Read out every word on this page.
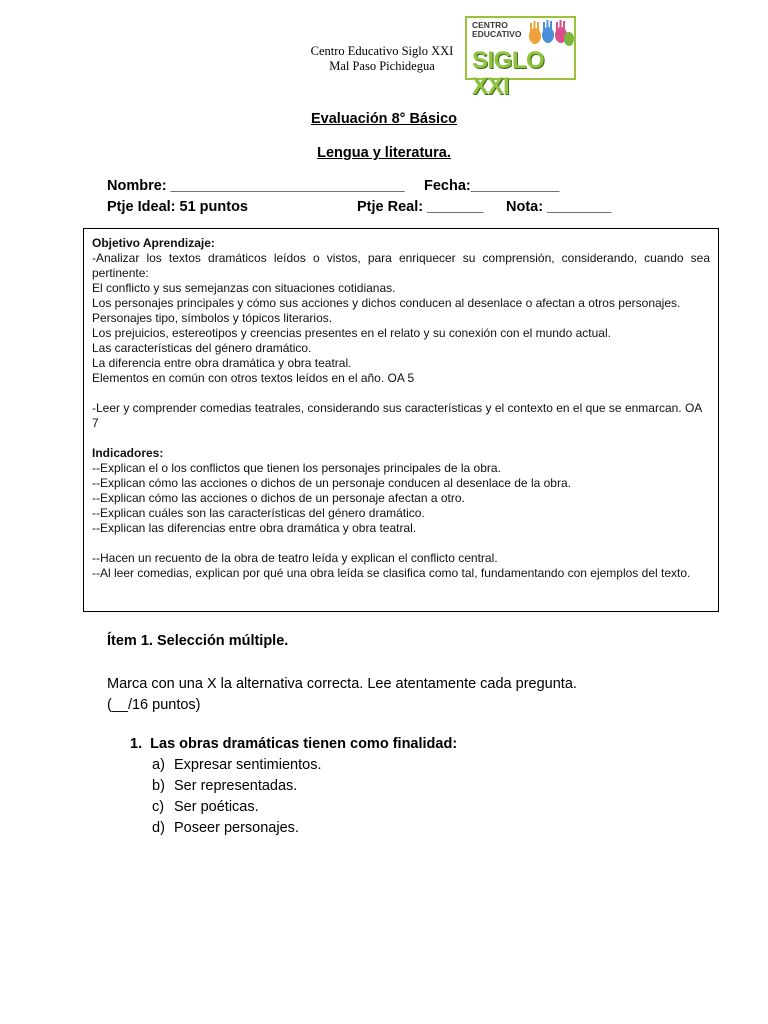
Centro Educativo Siglo XXI
Mal Paso Pichidegua
CENTRO
EDUCATIVO
SIGLO XXI
Evaluación 8° Básico
Lengua y literatura.
Nombre: _____________________________ Fecha:___________
Ptje Ideal: 51 puntos	Ptje Real: _______ Nota: ________

Objetivo Aprendizaje:

-Analizar los textos dramáticos leídos o vistos, para enriquecer su comprensión, considerando, cuando sea pertinente:

El conflicto y sus semejanzas con situaciones cotidianas.

Los personajes principales y cómo sus acciones y dichos conducen al desenlace o afectan a otros personajes.

Personajes tipo, símbolos y tópicos literarios.

Los prejuicios, estereotipos y creencias presentes en el relato y su conexión con el mundo actual.

Las características del género dramático.

La diferencia entre obra dramática y obra teatral.

Elementos en común con otros textos leídos en el año. OA 5

-Leer y comprender comedias teatrales, considerando sus características y el contexto en el que se enmarcan. OA 7

Indicadores:

--Explican el o los conflictos que tienen los personajes principales de la obra.

--Explican cómo las acciones o dichos de un personaje conducen al desenlace de la obra.

--Explican cómo las acciones o dichos de un personaje afectan a otro.

--Explican cuáles son las características del género dramático.

--Explican las diferencias entre obra dramática y obra teatral.

--Hacen un recuento de la obra de teatro leída y explican el conflicto central.

--Al leer comedias, explican por qué una obra leída se clasifica como tal, fundamentando con ejemplos del texto.

Ítem 1. Selección múltiple.
Marca con una X la alternativa correcta. Lee atentamente cada pregunta.
(__/16 puntos)
1.  Las obras dramáticas tienen como finalidad:
a) Expresar sentimientos.
b) Ser representadas.
c) Ser poéticas.
d) Poseer personajes.
